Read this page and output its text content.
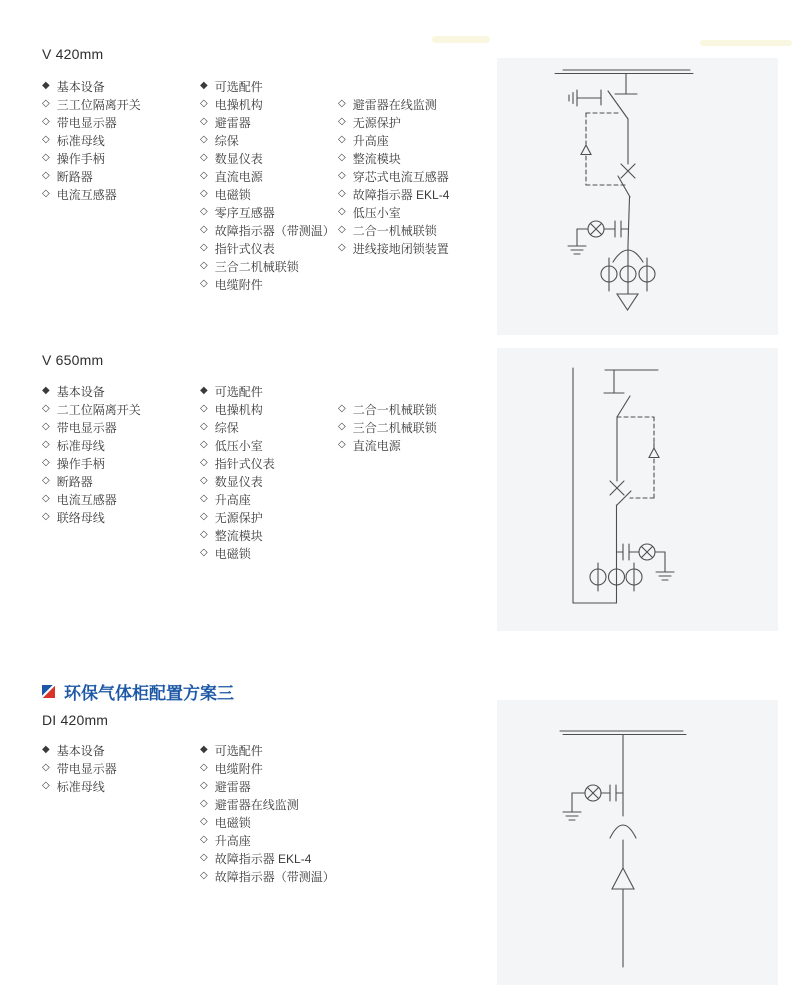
V 420mm
◆ 基本设备
◇ 三工位隔离开关
◇ 带电显示器
◇ 标准母线
◇ 操作手柄
◇ 断路器
◇ 电流互感器
◆ 可选配件
◇ 电操机构
◇ 避雷器
◇ 综保
◇ 数显仪表
◇ 直流电源
◇ 电磁锁
◇ 零序互感器
◇ 故障指示器（带测温）
◇ 指针式仪表
◇ 三合二机械联锁
◇ 电缆附件
◇ 避雷器在线监测
◇ 无源保护
◇ 升高座
◇ 整流模块
◇ 穿芯式电流互感器
◇ 故障指示器 EKL-4
◇ 低压小室
◇ 二合一机械联锁
◇ 进线接地闭锁装置
V 650mm
◆ 基本设备
◇ 二工位隔离开关
◇ 带电显示器
◇ 标准母线
◇ 操作手柄
◇ 断路器
◇ 电流互感器
◇ 联络母线
◆ 可选配件
◇ 电操机构
◇ 综保
◇ 低压小室
◇ 指针式仪表
◇ 数显仪表
◇ 升高座
◇ 无源保护
◇ 整流模块
◇ 电磁锁
◇ 二合一机械联锁
◇ 三合二机械联锁
◇ 直流电源
环保气体柜配置方案三
DI 420mm
◆ 基本设备
◇ 带电显示器
◇ 标准母线
◆ 可选配件
◇ 电缆附件
◇ 避雷器
◇ 避雷器在线监测
◇ 电磁锁
◇ 升高座
◇ 故障指示器 EKL-4
◇ 故障指示器（带测温）
